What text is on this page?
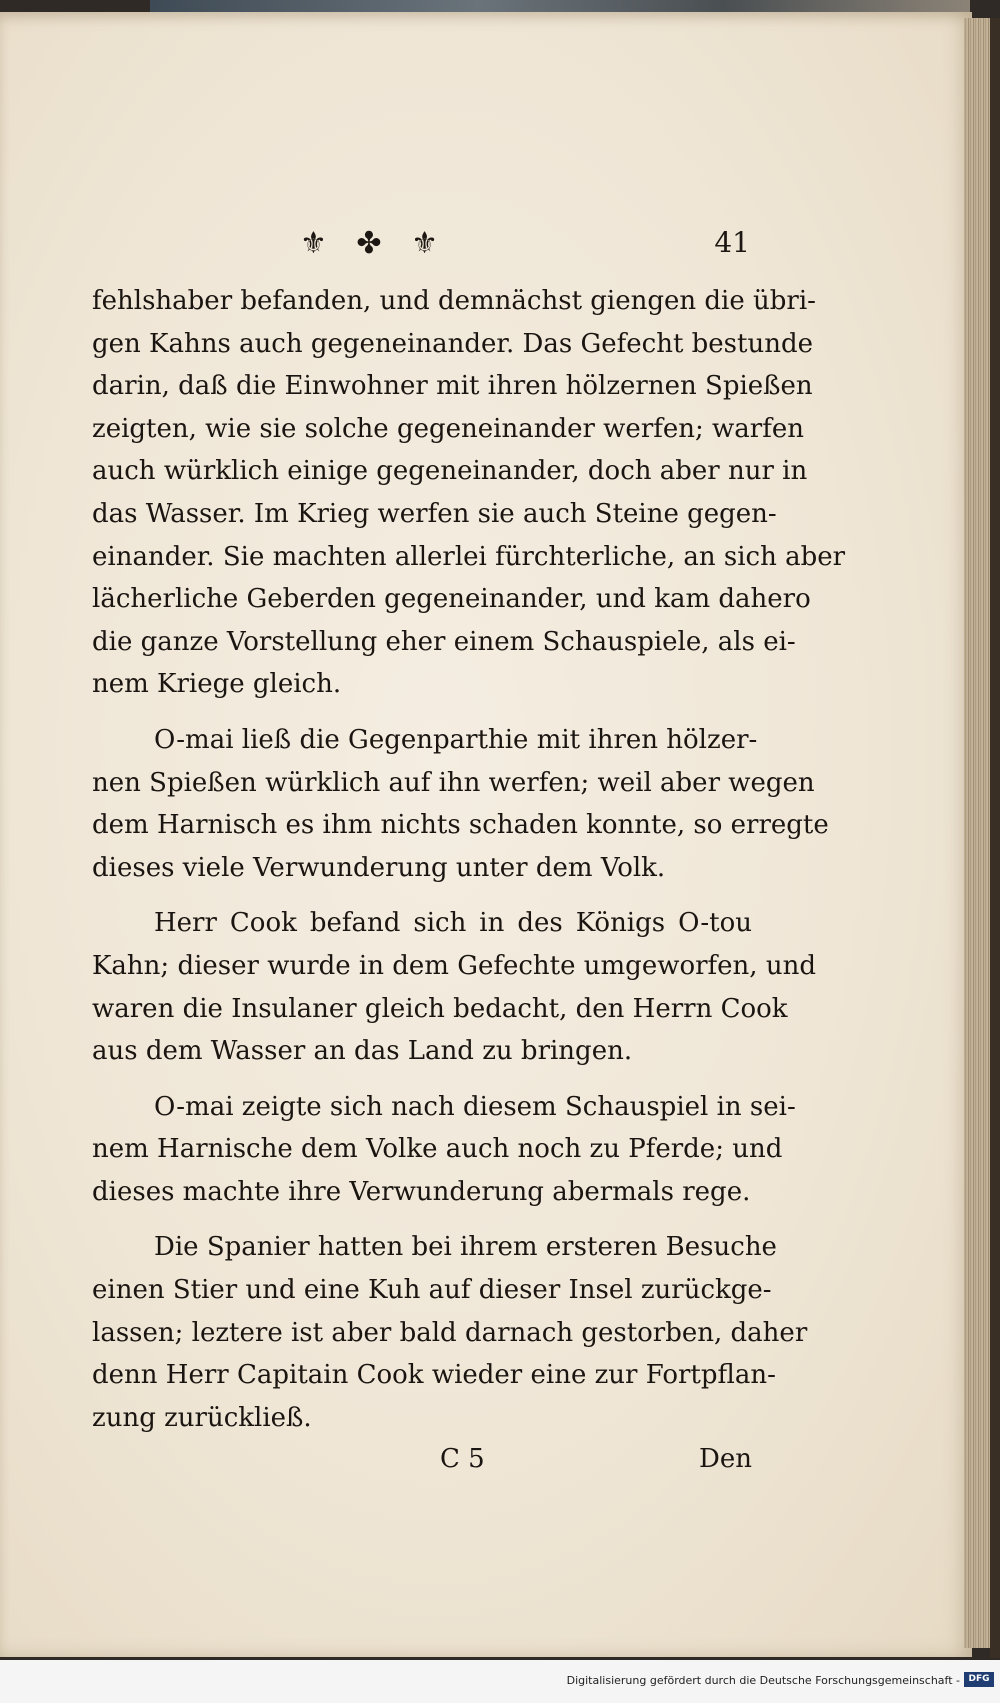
⚜ ✤ ⚜	41

fehlshaber befanden, und demnächst giengen die übri-
gen Kahns auch gegeneinander. Das Gefecht bestunde
darin, daß die Einwohner mit ihren hölzernen Spießen
zeigten, wie sie solche gegeneinander werfen; warfen
auch würklich einige gegeneinander, doch aber nur in
das Wasser. Im Krieg werfen sie auch Steine gegen-
einander. Sie machten allerlei fürchterliche, an sich aber
lächerliche Geberden gegeneinander, und kam dahero
die ganze Vorstellung eher einem Schauspiele, als ei-
nem Kriege gleich.

O-mai ließ die Gegenparthie mit ihren hölzer-
nen Spießen würklich auf ihn werfen; weil aber wegen
dem Harnisch es ihm nichts schaden konnte, so erregte
dieses viele Verwunderung unter dem Volk.

Herr Cook befand sich in des Königs O-tou
Kahn; dieser wurde in dem Gefechte umgeworfen, und
waren die Insulaner gleich bedacht, den Herrn Cook
aus dem Wasser an das Land zu bringen.

O-mai zeigte sich nach diesem Schauspiel in sei-
nem Harnische dem Volke auch noch zu Pferde; und
dieses machte ihre Verwunderung abermals rege.

Die Spanier hatten bei ihrem ersteren Besuche
einen Stier und eine Kuh auf dieser Insel zurückge-
lassen; leztere ist aber bald darnach gestorben, daher
denn Herr Capitain Cook wieder eine zur Fortpflan-
zung zurückließ.

C 5	Den
Digitalisierung gefördert durch die Deutsche Forschungsgemeinschaft - DFG
